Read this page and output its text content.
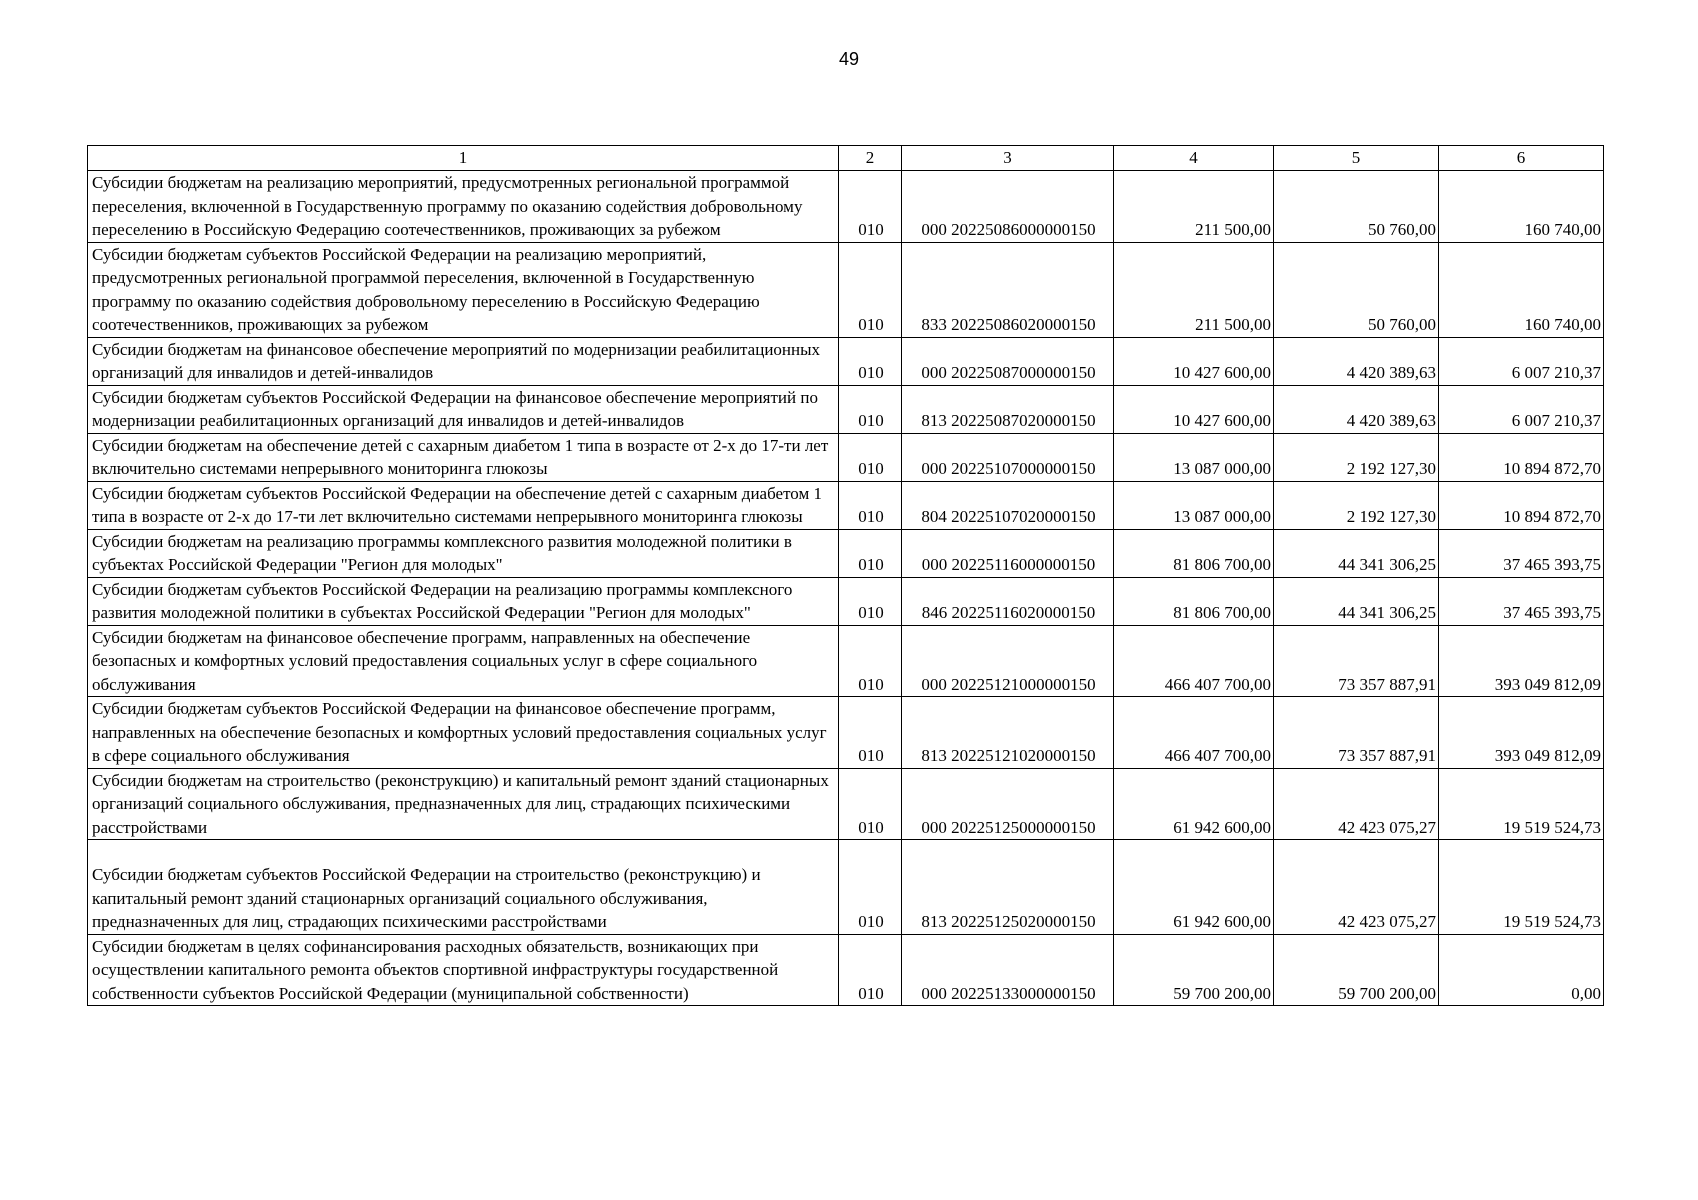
49
1	2	3	4	5	6
Субсидии бюджетам на реализацию мероприятий, предусмотренных региональной программой переселения, включенной в Государственную программу по оказанию содействия добровольному переселению в Российскую Федерацию соотечественников, проживающих за рубежом	010	000 20225086000000150	211 500,00	50 760,00	160 740,00
Субсидии бюджетам субъектов Российской Федерации на реализацию мероприятий, предусмотренных региональной программой переселения, включенной в Государственную программу по оказанию содействия добровольному переселению в Российскую Федерацию соотечественников, проживающих за рубежом	010	833 20225086020000150	211 500,00	50 760,00	160 740,00
Субсидии бюджетам на финансовое обеспечение мероприятий по модернизации реабилитационных организаций для инвалидов и детей-инвалидов	010	000 20225087000000150	10 427 600,00	4 420 389,63	6 007 210,37
Субсидии бюджетам субъектов Российской Федерации на финансовое обеспечение мероприятий по модернизации реабилитационных организаций для инвалидов и детей-инвалидов	010	813 20225087020000150	10 427 600,00	4 420 389,63	6 007 210,37
Субсидии бюджетам на обеспечение детей с сахарным диабетом 1 типа в возрасте от 2-х до 17-ти лет включительно системами непрерывного мониторинга глюкозы	010	000 20225107000000150	13 087 000,00	2 192 127,30	10 894 872,70
Субсидии бюджетам субъектов Российской Федерации на обеспечение детей с сахарным диабетом 1 типа в возрасте от 2-х до 17-ти лет включительно системами непрерывного мониторинга глюкозы	010	804 20225107020000150	13 087 000,00	2 192 127,30	10 894 872,70
Субсидии бюджетам на реализацию программы комплексного развития молодежной политики в субъектах Российской Федерации "Регион для молодых"	010	000 20225116000000150	81 806 700,00	44 341 306,25	37 465 393,75
Субсидии бюджетам субъектов Российской Федерации на реализацию программы комплексного развития молодежной политики в субъектах Российской Федерации "Регион для молодых"	010	846 20225116020000150	81 806 700,00	44 341 306,25	37 465 393,75
Субсидии бюджетам на финансовое обеспечение программ, направленных на обеспечение безопасных и комфортных условий предоставления социальных услуг в сфере социального обслуживания	010	000 20225121000000150	466 407 700,00	73 357 887,91	393 049 812,09
Субсидии бюджетам субъектов Российской Федерации на финансовое обеспечение программ, направленных на обеспечение безопасных и комфортных условий предоставления социальных услуг в сфере социального обслуживания	010	813 20225121020000150	466 407 700,00	73 357 887,91	393 049 812,09
Субсидии бюджетам на строительство (реконструкцию) и капитальный ремонт зданий стационарных организаций социального обслуживания, предназначенных для лиц, страдающих психическими расстройствами	010	000 20225125000000150	61 942 600,00	42 423 075,27	19 519 524,73
Субсидии бюджетам субъектов Российской Федерации на строительство (реконструкцию) и капитальный ремонт зданий стационарных организаций социального обслуживания, предназначенных для лиц, страдающих психическими расстройствами	010	813 20225125020000150	61 942 600,00	42 423 075,27	19 519 524,73
Субсидии бюджетам в целях софинансирования расходных обязательств, возникающих при осуществлении капитального ремонта объектов спортивной инфраструктуры государственной собственности субъектов Российской Федерации (муниципальной собственности)	010	000 20225133000000150	59 700 200,00	59 700 200,00	0,00
